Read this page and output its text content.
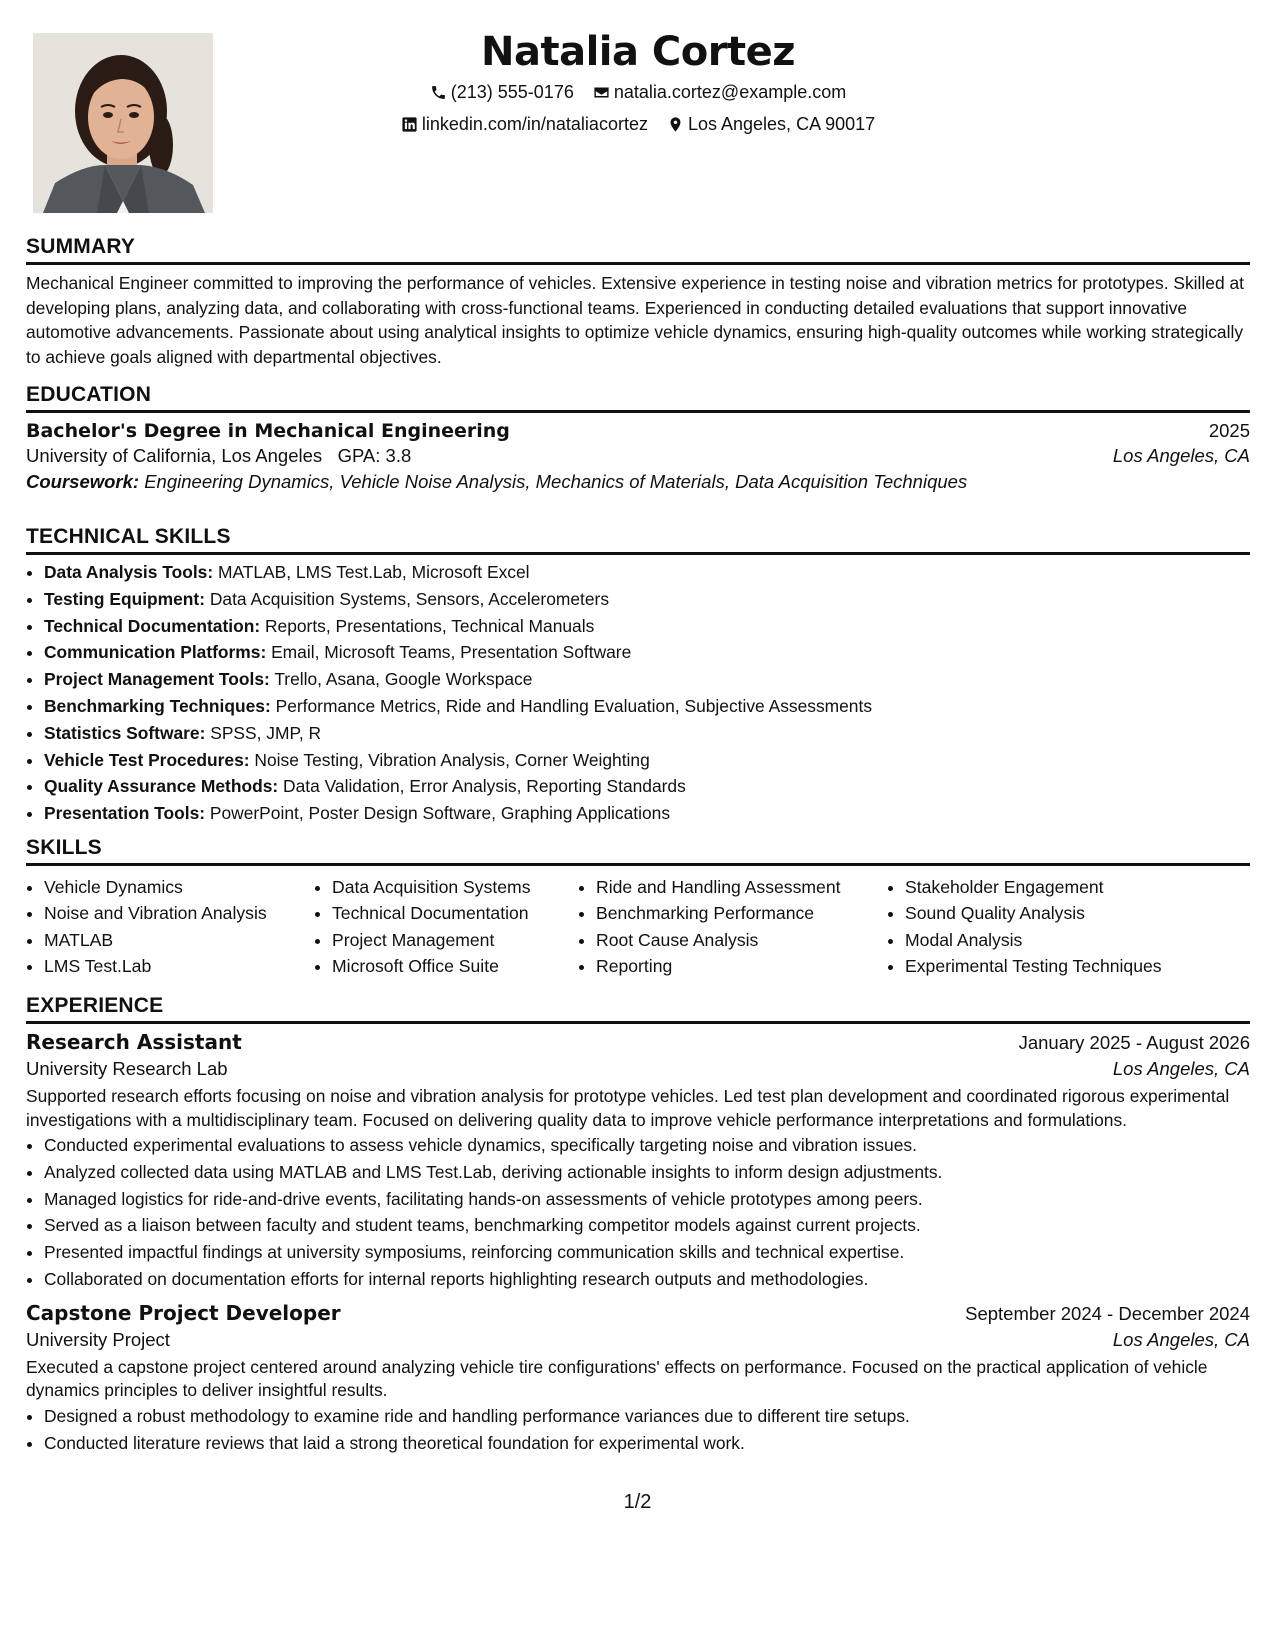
Natalia Cortez
(213) 555-0176
natalia.cortez@example.com
linkedin.com/in/nataliacortez
Los Angeles, CA 90017
SUMMARY
Mechanical Engineer committed to improving the performance of vehicles. Extensive experience in testing noise and vibration metrics for prototypes. Skilled at developing plans, analyzing data, and collaborating with cross-functional teams. Experienced in conducting detailed evaluations that support innovative automotive advancements. Passionate about using analytical insights to optimize vehicle dynamics, ensuring high-quality outcomes while working strategically to achieve goals aligned with departmental objectives.
EDUCATION
Bachelor's Degree in Mechanical Engineering	2025
University of California, Los Angeles GPA: 3.8	Los Angeles, CA
Coursework: Engineering Dynamics, Vehicle Noise Analysis, Mechanics of Materials, Data Acquisition Techniques
TECHNICAL SKILLS
• Data Analysis Tools: MATLAB, LMS Test.Lab, Microsoft Excel
• Testing Equipment: Data Acquisition Systems, Sensors, Accelerometers
• Technical Documentation: Reports, Presentations, Technical Manuals
• Communication Platforms: Email, Microsoft Teams, Presentation Software
• Project Management Tools: Trello, Asana, Google Workspace
• Benchmarking Techniques: Performance Metrics, Ride and Handling Evaluation, Subjective Assessments
• Statistics Software: SPSS, JMP, R
• Vehicle Test Procedures: Noise Testing, Vibration Analysis, Corner Weighting
• Quality Assurance Methods: Data Validation, Error Analysis, Reporting Standards
• Presentation Tools: PowerPoint, Poster Design Software, Graphing Applications
SKILLS
• Vehicle Dynamics
• Noise and Vibration Analysis
• MATLAB
• LMS Test.Lab
• Data Acquisition Systems
• Technical Documentation
• Project Management
• Microsoft Office Suite
• Ride and Handling Assessment
• Benchmarking Performance
• Root Cause Analysis
• Reporting
• Stakeholder Engagement
• Sound Quality Analysis
• Modal Analysis
• Experimental Testing Techniques
EXPERIENCE
Research Assistant	January 2025 - August 2026
University Research Lab	Los Angeles, CA
Supported research efforts focusing on noise and vibration analysis for prototype vehicles. Led test plan development and coordinated rigorous experimental investigations with a multidisciplinary team. Focused on delivering quality data to improve vehicle performance interpretations and formulations.
• Conducted experimental evaluations to assess vehicle dynamics, specifically targeting noise and vibration issues.
• Analyzed collected data using MATLAB and LMS Test.Lab, deriving actionable insights to inform design adjustments.
• Managed logistics for ride-and-drive events, facilitating hands-on assessments of vehicle prototypes among peers.
• Served as a liaison between faculty and student teams, benchmarking competitor models against current projects.
• Presented impactful findings at university symposiums, reinforcing communication skills and technical expertise.
• Collaborated on documentation efforts for internal reports highlighting research outputs and methodologies.
Capstone Project Developer	September 2024 - December 2024
University Project	Los Angeles, CA
Executed a capstone project centered around analyzing vehicle tire configurations' effects on performance. Focused on the practical application of vehicle dynamics principles to deliver insightful results.
• Designed a robust methodology to examine ride and handling performance variances due to different tire setups.
• Conducted literature reviews that laid a strong theoretical foundation for experimental work.
1/2
